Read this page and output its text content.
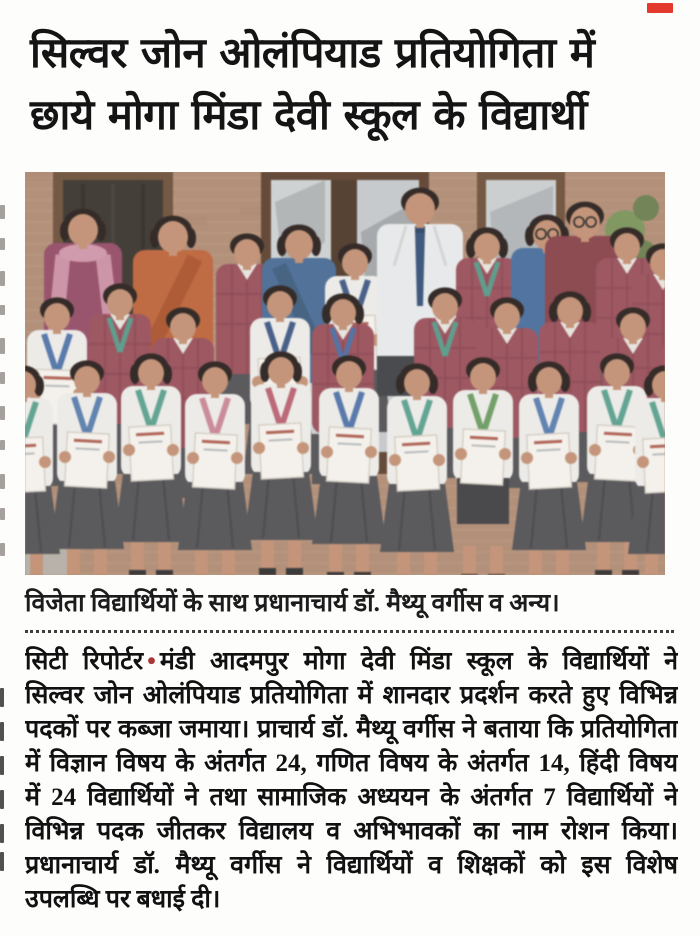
सिल्वर जोन ओलंपियाड प्रतियोगिता में
छाये मोगा मिंडा देवी स्कूल के विद्यार्थी
विजेता विद्यार्थियों के साथ प्रधानाचार्य डॉ. मैथ्यू वर्गीस व अन्य।
सिटी रिपोर्टर • मंडी आदमपुर मोगा देवी मिंडा स्कूल के विद्यार्थियों ने
सिल्वर जोन ओलंपियाड प्रतियोगिता में शानदार प्रदर्शन करते हुए विभिन्न
पदकों पर कब्जा जमाया। प्राचार्य डॉ. मैथ्यू वर्गीस ने बताया कि प्रतियोगिता
में विज्ञान विषय के अंतर्गत 24, गणित विषय के अंतर्गत 14, हिंदी विषय
में 24 विद्यार्थियों ने तथा सामाजिक अध्ययन के अंतर्गत 7 विद्यार्थियों ने
विभिन्न पदक जीतकर विद्यालय व अभिभावकों का नाम रोशन किया।
प्रधानाचार्य डॉ. मैथ्यू वर्गीस ने विद्यार्थियों व शिक्षकों को इस विशेष
उपलब्धि पर बधाई दी।
